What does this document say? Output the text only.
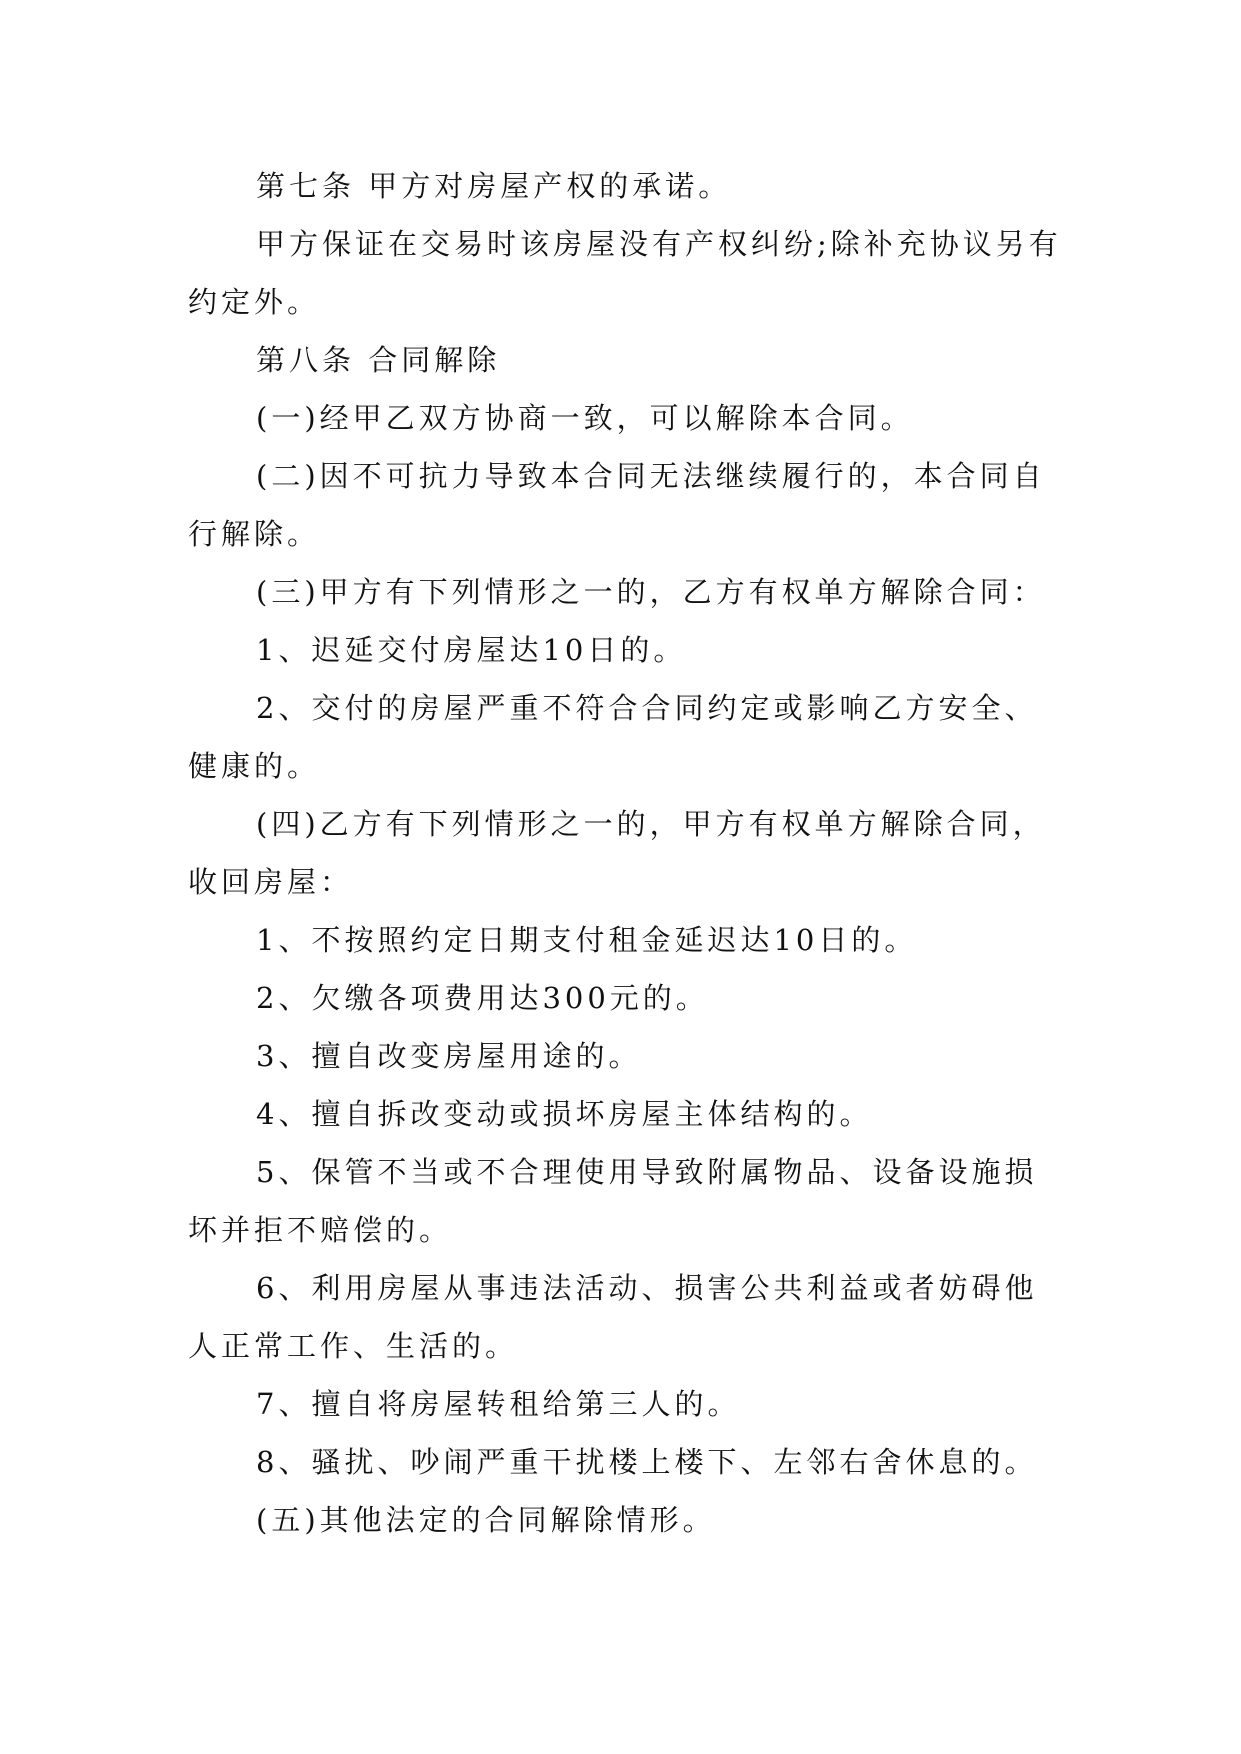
第七条 甲方对房屋产权的承诺。

甲方保证在交易时该房屋没有产权纠纷;除补充协议另有约定外。

第八条 合同解除

(一)经甲乙双方协商一致，可以解除本合同。

(二)因不可抗力导致本合同无法继续履行的，本合同自行解除。

(三)甲方有下列情形之一的，乙方有权单方解除合同：

1、迟延交付房屋达10日的。

2、交付的房屋严重不符合合同约定或影响乙方安全、健康的。

(四)乙方有下列情形之一的，甲方有权单方解除合同，收回房屋：

1、不按照约定日期支付租金延迟达10日的。

2、欠缴各项费用达300元的。

3、擅自改变房屋用途的。

4、擅自拆改变动或损坏房屋主体结构的。

5、保管不当或不合理使用导致附属物品、设备设施损坏并拒不赔偿的。

6、利用房屋从事违法活动、损害公共利益或者妨碍他人正常工作、生活的。

7、擅自将房屋转租给第三人的。

8、骚扰、吵闹严重干扰楼上楼下、左邻右舍休息的。

(五)其他法定的合同解除情形。
